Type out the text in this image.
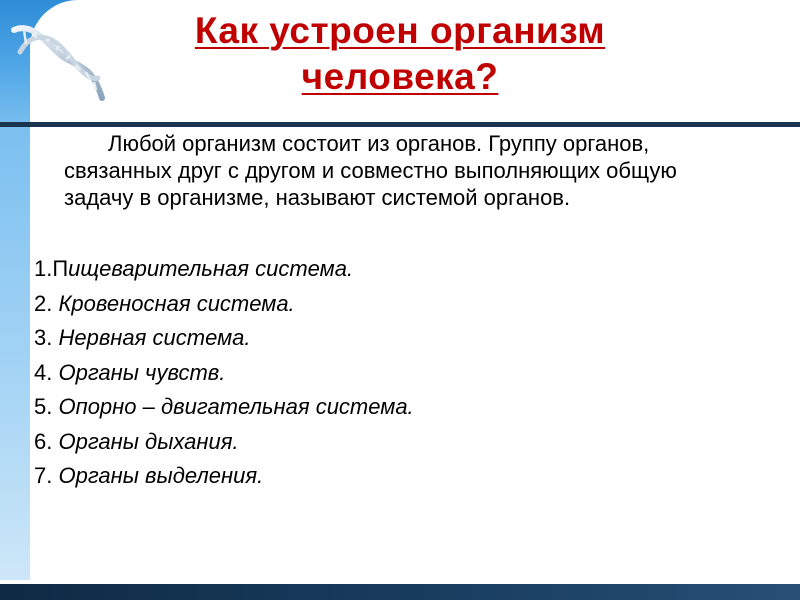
Как устроен организм
человека?
Любой организм состоит из органов. Группу органов, связанных друг с другом и совместно выполняющих общую задачу в организме, называют системой органов.
1.Пищеварительная система.
2. Кровеносная система.
3. Нервная система.
4. Органы чувств.
5. Опорно – двигательная система.
6. Органы дыхания.
7. Органы выделения.
